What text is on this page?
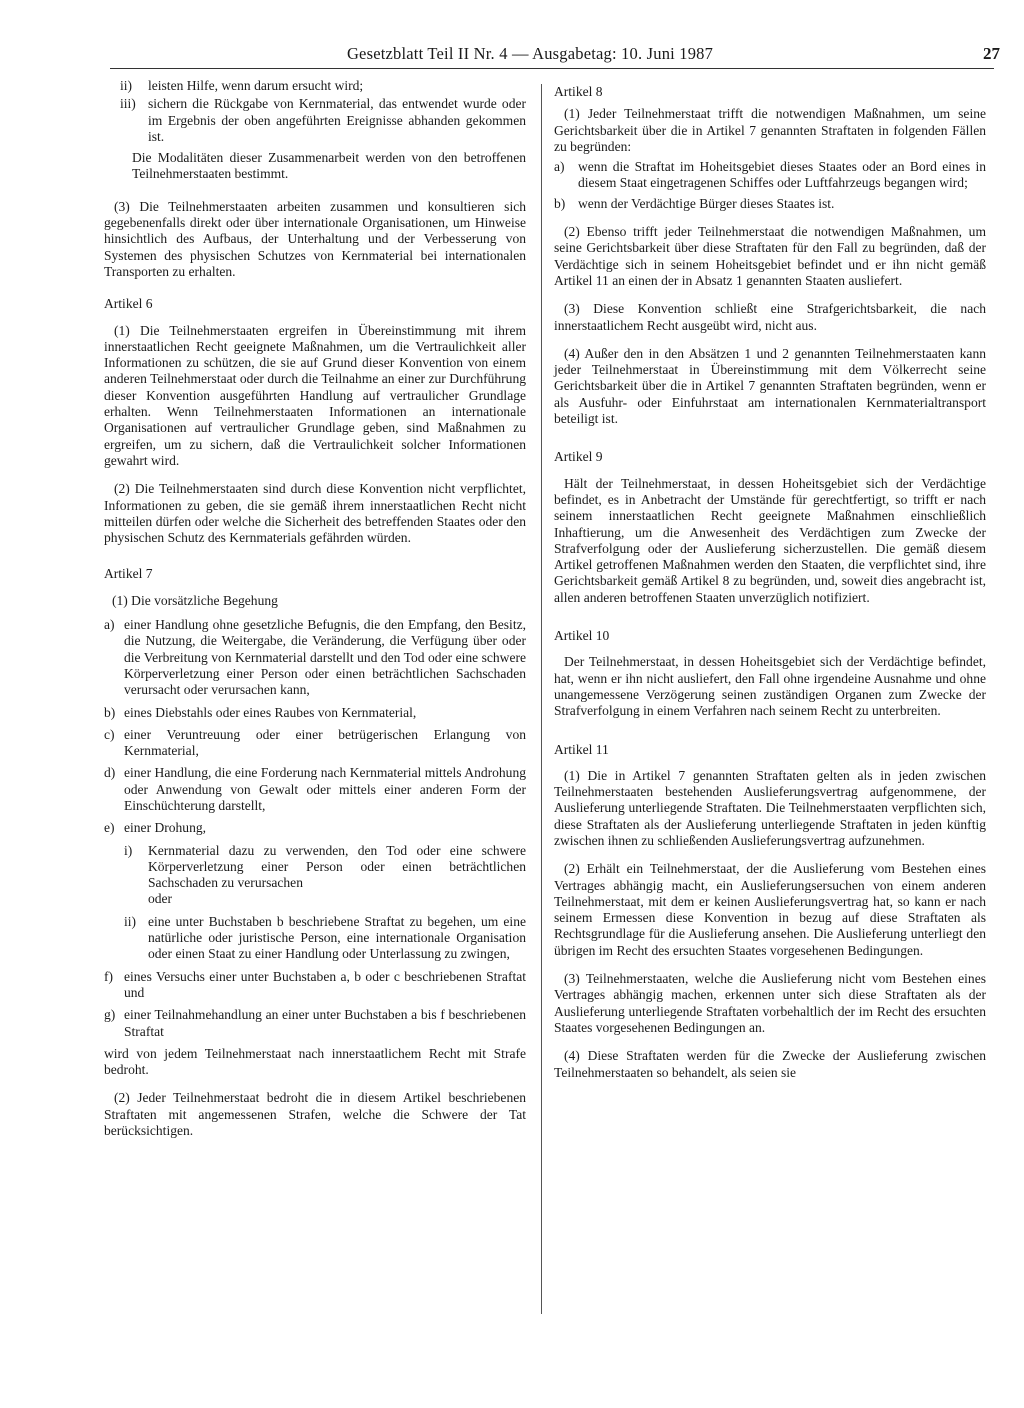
Gesetzblatt Teil II Nr. 4 — Ausgabetag: 10. Juni 1987	27
ii)	leisten Hilfe, wenn darum ersucht wird;
iii) sichern die Rückgabe von Kernmaterial, das entwendet wurde oder im Ergebnis der oben angeführten Ereignisse abhanden gekommen ist.

Die Modalitäten dieser Zusammenarbeit werden von den betroffenen Teilnehmerstaaten bestimmt.

(3) Die Teilnehmerstaaten arbeiten zusammen und konsultieren sich gegebenenfalls direkt oder über internationale Organisationen, um Hinweise hinsichtlich des Aufbaus, der Unterhaltung und der Verbesserung von Systemen des physischen Schutzes von Kernmaterial bei internationalen Transporten zu erhalten.

Artikel 6

(1) Die Teilnehmerstaaten ergreifen in Übereinstimmung mit ihrem innerstaatlichen Recht geeignete Maßnahmen, um die Vertraulichkeit aller Informationen zu schützen, die sie auf Grund dieser Konvention von einem anderen Teilnehmerstaat oder durch die Teilnahme an einer zur Durchführung dieser Konvention ausgeführten Handlung auf vertraulicher Grundlage erhalten. Wenn Teilnehmerstaaten Informationen an internationale Organisationen auf vertraulicher Grundlage geben, sind Maßnahmen zu ergreifen, um zu sichern, daß die Vertraulichkeit solcher Informationen gewahrt wird.

(2) Die Teilnehmerstaaten sind durch diese Konvention nicht verpflichtet, Informationen zu geben, die sie gemäß ihrem innerstaatlichen Recht nicht mitteilen dürfen oder welche die Sicherheit des betreffenden Staates oder den physischen Schutz des Kernmaterials gefährden würden.

Artikel 7

(1) Die vorsätzliche Begehung

a) einer Handlung ohne gesetzliche Befugnis, die den Empfang, den Besitz, die Nutzung, die Weitergabe, die Veränderung, die Verfügung über oder die Verbreitung von Kernmaterial darstellt und den Tod oder eine schwere Körperverletzung einer Person oder einen beträchtlichen Sachschaden verursacht oder verursachen kann,
b) eines Diebstahls oder eines Raubes von Kernmaterial,
c) einer Veruntreuung oder einer betrügerischen Erlangung von Kernmaterial,
d) einer Handlung, die eine Forderung nach Kernmaterial mittels Androhung oder Anwendung von Gewalt oder mittels einer anderen Form der Einschüchterung darstellt,
e) einer Drohung,
i)	Kernmaterial dazu zu verwenden, den Tod oder eine schwere Körperverletzung einer Person oder einen beträchtlichen Sachschaden zu verursachen
oder
ii) eine unter Buchstaben b beschriebene Straftat zu begehen, um eine natürliche oder juristische Person, eine internationale Organisation oder einen Staat zu einer Handlung oder Unterlassung zu zwingen,
f) eines Versuchs einer unter Buchstaben a, b oder c beschriebenen Straftat und
g) einer Teilnahmehandlung an einer unter Buchstaben a bis f beschriebenen Straftat

wird von jedem Teilnehmerstaat nach innerstaatlichem Recht mit Strafe bedroht.

(2) Jeder Teilnehmerstaat bedroht die in diesem Artikel beschriebenen Straftaten mit angemessenen Strafen, welche die Schwere der Tat berücksichtigen.

Artikel 8

(1) Jeder Teilnehmerstaat trifft die notwendigen Maßnahmen, um seine Gerichtsbarkeit über die in Artikel 7 genannten Straftaten in folgenden Fällen zu begründen:

a) wenn die Straftat im Hoheitsgebiet dieses Staates oder an Bord eines in diesem Staat eingetragenen Schiffes oder Luftfahrzeugs begangen wird;
b) wenn der Verdächtige Bürger dieses Staates ist.

(2) Ebenso trifft jeder Teilnehmerstaat die notwendigen Maßnahmen, um seine Gerichtsbarkeit über diese Straftaten für den Fall zu begründen, daß der Verdächtige sich in seinem Hoheitsgebiet befindet und er ihn nicht gemäß Artikel 11 an einen der in Absatz 1 genannten Staaten ausliefert.

(3) Diese Konvention schließt eine Strafgerichtsbarkeit, die nach innerstaatlichem Recht ausgeübt wird, nicht aus.

(4) Außer den in den Absätzen 1 und 2 genannten Teilnehmerstaaten kann jeder Teilnehmerstaat in Übereinstimmung mit dem Völkerrecht seine Gerichtsbarkeit über die in Artikel 7 genannten Straftaten begründen, wenn er als Ausfuhr- oder Einfuhrstaat am internationalen Kernmaterialtransport beteiligt ist.

Artikel 9

Hält der Teilnehmerstaat, in dessen Hoheitsgebiet sich der Verdächtige befindet, es in Anbetracht der Umstände für gerechtfertigt, so trifft er nach seinem innerstaatlichen Recht geeignete Maßnahmen einschließlich Inhaftierung, um die Anwesenheit des Verdächtigen zum Zwecke der Strafverfolgung oder der Auslieferung sicherzustellen. Die gemäß diesem Artikel getroffenen Maßnahmen werden den Staaten, die verpflichtet sind, ihre Gerichtsbarkeit gemäß Artikel 8 zu begründen, und, soweit dies angebracht ist, allen anderen betroffenen Staaten unverzüglich notifiziert.

Artikel 10

Der Teilnehmerstaat, in dessen Hoheitsgebiet sich der Verdächtige befindet, hat, wenn er ihn nicht ausliefert, den Fall ohne irgendeine Ausnahme und ohne unangemessene Verzögerung seinen zuständigen Organen zum Zwecke der Strafverfolgung in einem Verfahren nach seinem Recht zu unterbreiten.

Artikel 11

(1) Die in Artikel 7 genannten Straftaten gelten als in jeden zwischen Teilnehmerstaaten bestehenden Auslieferungsvertrag aufgenommene, der Auslieferung unterliegende Straftaten. Die Teilnehmerstaaten verpflichten sich, diese Straftaten als der Auslieferung unterliegende Straftaten in jeden künftig zwischen ihnen zu schließenden Auslieferungsvertrag aufzunehmen.

(2) Erhält ein Teilnehmerstaat, der die Auslieferung vom Bestehen eines Vertrages abhängig macht, ein Auslieferungsersuchen von einem anderen Teilnehmerstaat, mit dem er keinen Auslieferungsvertrag hat, so kann er nach seinem Ermessen diese Konvention in bezug auf diese Straftaten als Rechtsgrundlage für die Auslieferung ansehen. Die Auslieferung unterliegt den übrigen im Recht des ersuchten Staates vorgesehenen Bedingungen.

(3) Teilnehmerstaaten, welche die Auslieferung nicht vom Bestehen eines Vertrages abhängig machen, erkennen unter sich diese Straftaten als der Auslieferung unterliegende Straftaten vorbehaltlich der im Recht des ersuchten Staates vorgesehenen Bedingungen an.

(4) Diese Straftaten werden für die Zwecke der Auslieferung zwischen Teilnehmerstaaten so behandelt, als seien sie
